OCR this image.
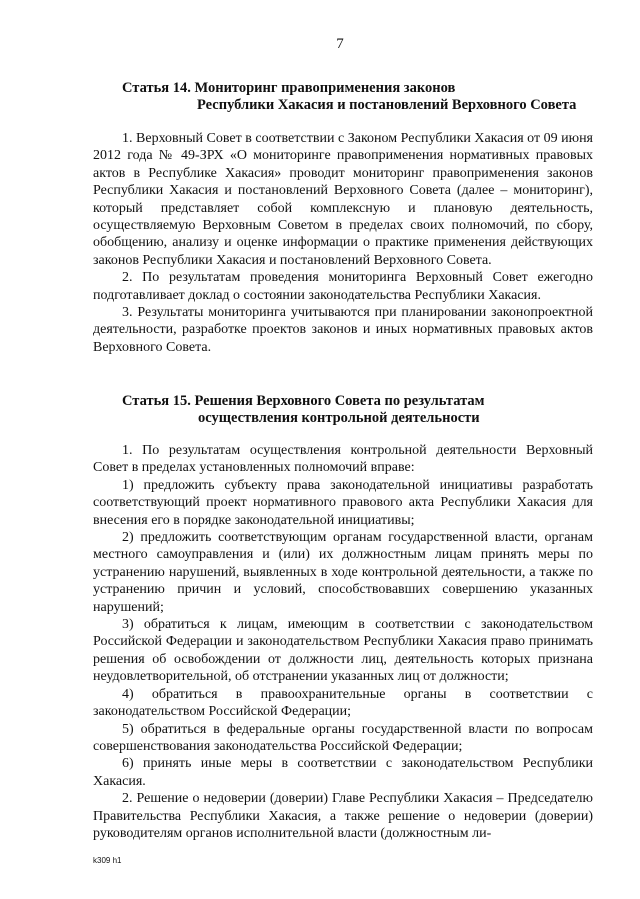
7
Статья 14. Мониторинг правоприменения законов
Республики Хакасия и постановлений Верховного Совета

1. Верховный Совет в соответствии с Законом Республики Хакасия от 09 июня 2012 года № 49-ЗРХ «О мониторинге правоприменения нормативных правовых актов в Республике Хакасия» проводит мониторинг правоприменения законов Республики Хакасия и постановлений Верховного Совета (далее – мониторинг), который представляет собой комплексную и плановую деятельность, осуществляемую Верховным Советом в пределах своих полномочий, по сбору, обобщению, анализу и оценке информации о практике применения действующих законов Республики Хакасия и постановлений Верховного Совета.

2. По результатам проведения мониторинга Верховный Совет ежегодно подготавливает доклад о состоянии законодательства Республики Хакасия.

3. Результаты мониторинга учитываются при планировании законопроектной деятельности, разработке проектов законов и иных нормативных правовых актов Верховного Совета.

Статья 15. Решения Верховного Совета по результатам
осуществления контрольной деятельности

1. По результатам осуществления контрольной деятельности Верховный Совет в пределах установленных полномочий вправе:

1) предложить субъекту права законодательной инициативы разработать соответствующий проект нормативного правового акта Республики Хакасия для внесения его в порядке законодательной инициативы;

2) предложить соответствующим органам государственной власти, органам местного самоуправления и (или) их должностным лицам принять меры по устранению нарушений, выявленных в ходе контрольной деятельности, а также по устранению причин и условий, способствовавших совершению указанных нарушений;

3) обратиться к лицам, имеющим в соответствии с законодательством Российской Федерации и законодательством Республики Хакасия право принимать решения об освобождении от должности лиц, деятельность которых признана неудовлетворительной, об отстранении указанных лиц от должности;

4) обратиться в правоохранительные органы в соответствии с законодательством Российской Федерации;

5) обратиться в федеральные органы государственной власти по вопросам совершенствования законодательства Российской Федерации;

6) принять иные меры в соответствии с законодательством Республики Хакасия.

2. Решение о недоверии (доверии) Главе Республики Хакасия – Председателю Правительства Республики Хакасия, а также решение о недоверии (доверии) руководителям органов исполнительной власти (должностным ли-

k309 h1
